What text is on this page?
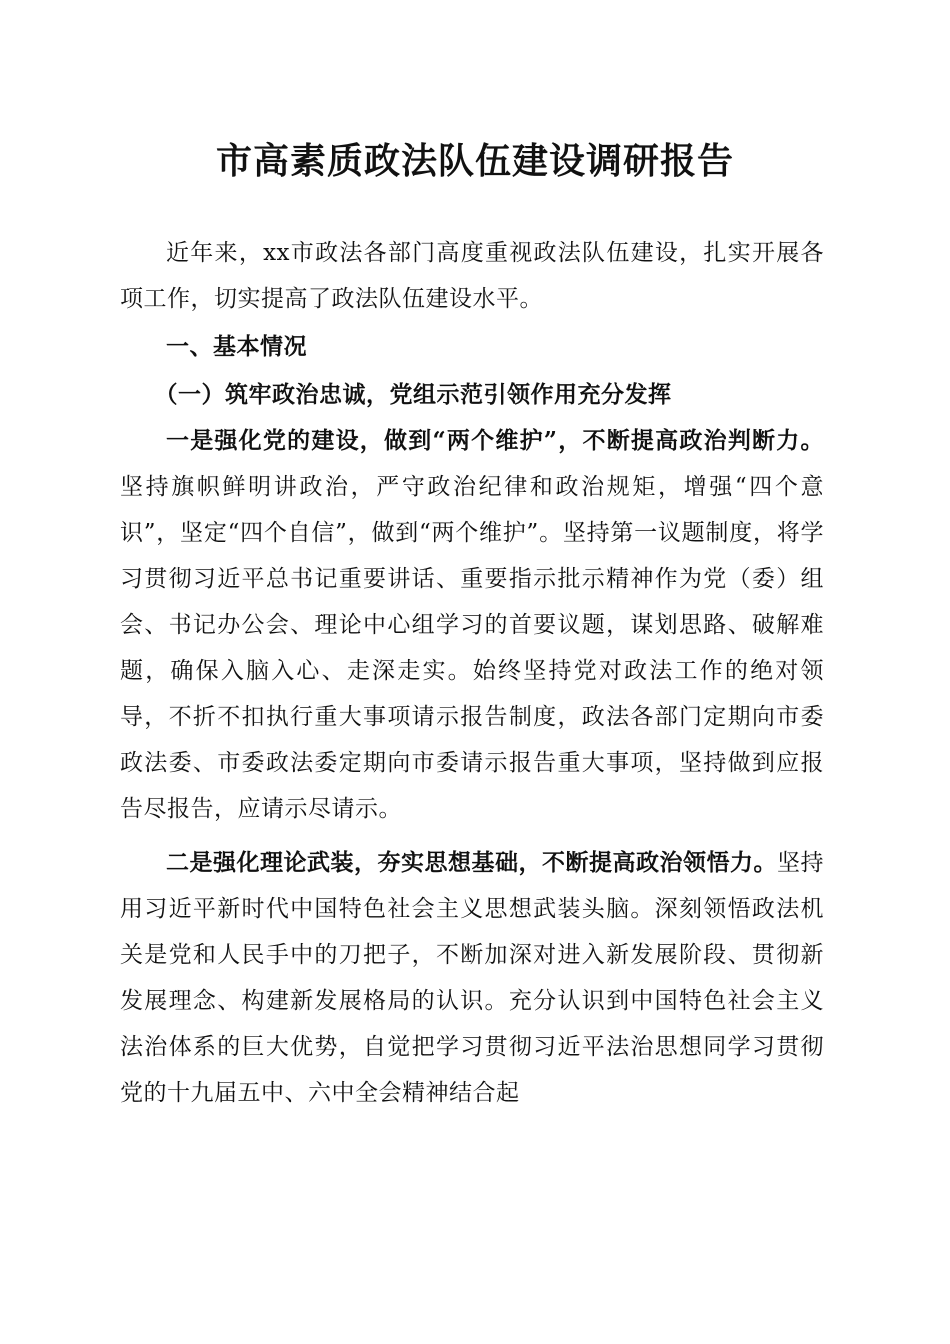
市高素质政法队伍建设调研报告

近年来，xx市政法各部门高度重视政法队伍建设，扎实开展各项工作，切实提高了政法队伍建设水平。

一、基本情况

（一）筑牢政治忠诚，党组示范引领作用充分发挥

一是强化党的建设，做到“两个维护”，不断提高政治判断力。坚持旗帜鲜明讲政治，严守政治纪律和政治规矩，增强“四个意识”，坚定“四个自信”，做到“两个维护”。坚持第一议题制度，将学习贯彻习近平总书记重要讲话、重要指示批示精神作为党（委）组会、书记办公会、理论中心组学习的首要议题，谋划思路、破解难题，确保入脑入心、走深走实。始终坚持党对政法工作的绝对领导，不折不扣执行重大事项请示报告制度，政法各部门定期向市委政法委、市委政法委定期向市委请示报告重大事项，坚持做到应报告尽报告，应请示尽请示。

二是强化理论武装，夯实思想基础，不断提高政治领悟力。坚持用习近平新时代中国特色社会主义思想武装头脑。深刻领悟政法机关是党和人民手中的刀把子，不断加深对进入新发展阶段、贯彻新发展理念、构建新发展格局的认识。充分认识到中国特色社会主义法治体系的巨大优势，自觉把学习贯彻习近平法治思想同学习贯彻党的十九届五中、六中全会精神结合起
